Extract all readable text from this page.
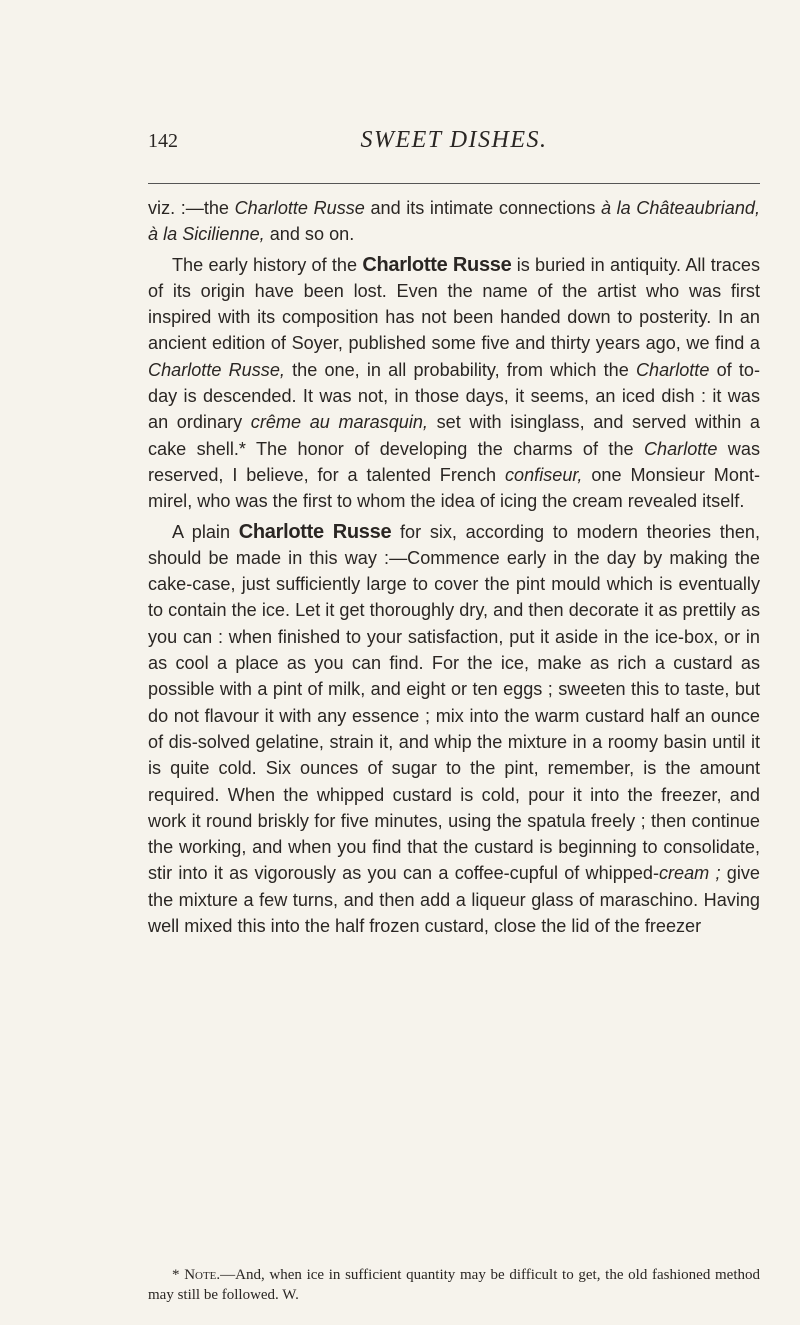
142	SWEET DISHES.

viz. :—the Charlotte Russe and its intimate connections à la Châteaubriand, à la Sicilienne, and so on.

The early history of the Charlotte Russe is buried in antiquity. All traces of its origin have been lost. Even the name of the artist who was first inspired with its composition has not been handed down to posterity. In an ancient edition of Soyer, published some five and thirty years ago, we find a Charlotte Russe, the one, in all probability, from which the Charlotte of to-day is descended. It was not, in those days, it seems, an iced dish : it was an ordinary crême au marasquin, set with isinglass, and served within a cake shell.* The honor of developing the charms of the Charlotte was reserved, I believe, for a talented French confiseur, one Monsieur Mont-mirel, who was the first to whom the idea of icing the cream revealed itself.

A plain Charlotte Russe for six, according to modern theories then, should be made in this way :—Commence early in the day by making the cake-case, just sufficiently large to cover the pint mould which is eventually to contain the ice. Let it get thoroughly dry, and then decorate it as prettily as you can : when finished to your satisfaction, put it aside in the ice-box, or in as cool a place as you can find. For the ice, make as rich a custard as possible with a pint of milk, and eight or ten eggs ; sweeten this to taste, but do not flavour it with any essence ; mix into the warm custard half an ounce of dis-solved gelatine, strain it, and whip the mixture in a roomy basin until it is quite cold. Six ounces of sugar to the pint, remember, is the amount required. When the whipped custard is cold, pour it into the freezer, and work it round briskly for five minutes, using the spatula freely ; then continue the working, and when you find that the custard is beginning to consolidate, stir into it as vigorously as you can a coffee-cupful of whipped-cream ; give the mixture a few turns, and then add a liqueur glass of maraschino. Having well mixed this into the half frozen custard, close the lid of the freezer

* Note.—And, when ice in sufficient quantity may be difficult to get, the old fashioned method may still be followed. W.
